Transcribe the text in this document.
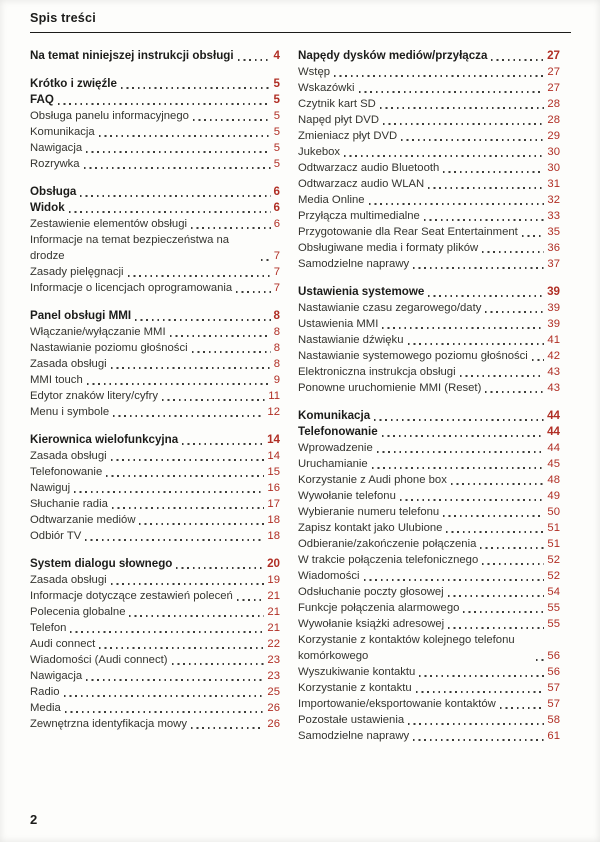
Spis treści
Na temat niniejszej instrukcji obsługi	4
Krótko i zwięźle	5
FAQ	5
Obsługa panelu informacyjnego	5
Komunikacja	5
Nawigacja	5
Rozrywka	5
Obsługa	6
Widok	6
Zestawienie elementów obsługi	6
Informacje na temat bezpieczeństwa na drodze	7
Zasady pielęgnacji	7
Informacje o licencjach oprogramowania	7
Panel obsługi MMI	8
Włączanie/wyłączanie MMI	8
Nastawianie poziomu głośności	8
Zasada obsługi	8
MMI touch	9
Edytor znaków litery/cyfry	11
Menu i symbole	12
Kierownica wielofunkcyjna	14
Zasada obsługi	14
Telefonowanie	15
Nawiguj	16
Słuchanie radia	17
Odtwarzanie mediów	18
Odbiór TV	18
System dialogu słownego	20
Zasada obsługi	19
Informacje dotyczące zestawień poleceń	21
Polecenia globalne	21
Telefon	21
Audi connect	22
Wiadomości (Audi connect)	23
Nawigacja	23
Radio	25
Media	26
Zewnętrzna identyfikacja mowy	26
Napędy dysków mediów/przyłącza	27
Wstęp	27
Wskazówki	27
Czytnik kart SD	28
Napęd płyt DVD	28
Zmieniacz płyt DVD	29
Jukebox	30
Odtwarzacz audio Bluetooth	30
Odtwarzacz audio WLAN	31
Media Online	32
Przyłącza multimedialne	33
Przygotowanie dla Rear Seat Entertainment	35
Obsługiwane media i formaty plików	36
Samodzielne naprawy	37
Ustawienia systemowe	39
Nastawianie czasu zegarowego/daty	39
Ustawienia MMI	39
Nastawianie dźwięku	41
Nastawianie systemowego poziomu głośności 42
Elektroniczna instrukcja obsługi	43
Ponowne uruchomienie MMI (Reset)	43
Komunikacja	44
Telefonowanie	44
Wprowadzenie	44
Uruchamianie	45
Korzystanie z Audi phone box	48
Wywołanie telefonu	49
Wybieranie numeru telefonu	50
Zapisz kontakt jako Ulubione	51
Odbieranie/zakończenie połączenia	51
W trakcie połączenia telefonicznego	52
Wiadomości	52
Odsłuchanie poczty głosowej	54
Funkcje połączenia alarmowego	55
Wywołanie książki adresowej	55
Korzystanie z kontaktów kolejnego telefonu komórkowego	56
Wyszukiwanie kontaktu	56
Korzystanie z kontaktu	57
Importowanie/eksportowanie kontaktów	57
Pozostałe ustawienia	58
Samodzielne naprawy	61
2
